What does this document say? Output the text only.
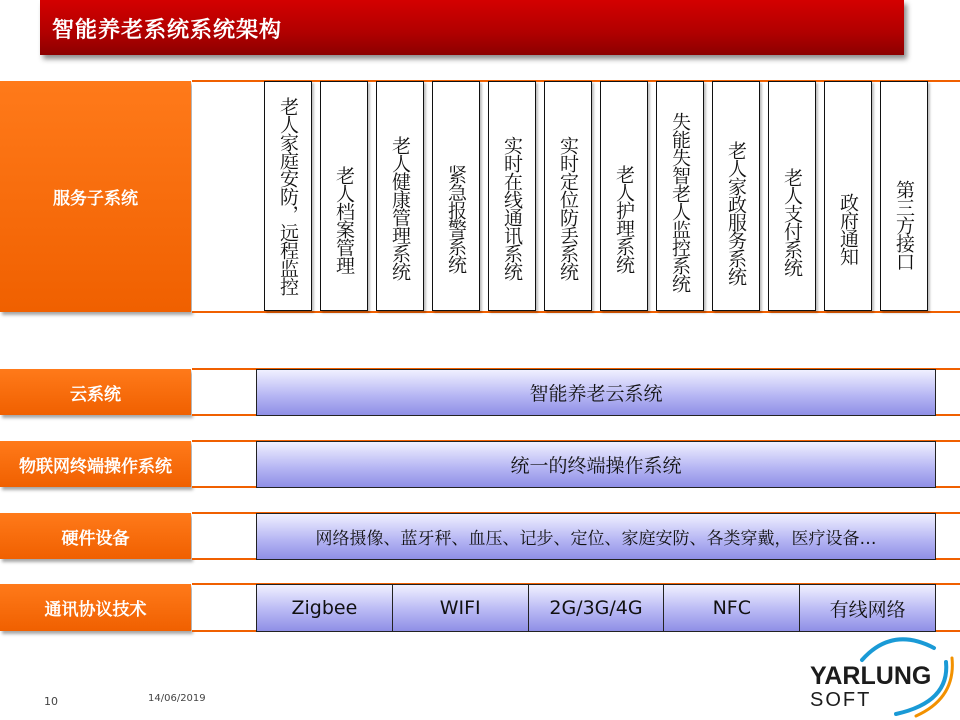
智能养老系统系统架构
服务子系统	老人家庭安防，远程监控 老人档案管理 老人健康管理系统 紧急报警系统 实时在线通讯系统 实时定位防丢系统 老人护理系统 失能失智老人监控系统 老人家政服务系统 老人支付系统 政府通知 第三方接口
云系统	智能养老云系统
物联网终端操作系统	统一的终端操作系统
硬件设备	网络摄像、蓝牙秤、血压、记步、定位、家庭安防、各类穿戴，医疗设备…
通讯协议技术	Zigbee	WIFI	2G/3G/4G	NFC	有线网络
10	14/06/2019
YARLUNG
SOFT
